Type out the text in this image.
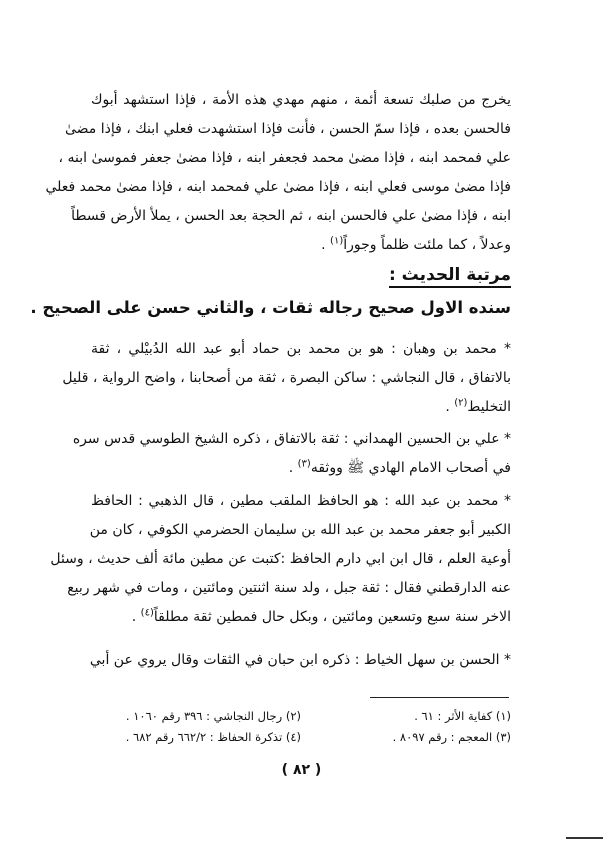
يخرج من صلبك تسعة أئمة ، منهم مهدي هذه الأمة ، فإذا استشهد أبوك
فالحسن بعده ، فإذا سمّ الحسن ، فأنت فإذا استشهدت فعلي ابنك ، فإذا مضىٰ
علي فمحمد ابنه ، فإذا مضىٰ محمد فجعفر ابنه ، فإذا مضىٰ جعفر فموسىٰ ابنه ،
فإذا مضىٰ موسى فعلي ابنه ، فإذا مضىٰ علي فمحمد ابنه ، فإذا مضىٰ محمد فعلي
ابنه ، فإذا مضىٰ علي فالحسن ابنه ، ثم الحجة بعد الحسن ، يملأ الأرض قسطاً
وعدلاً ، كما ملئت ظلماً وجوراً$^{(١)}$ .
مرتبة الحديث :
سنده الاول صحيح رجاله ثقات ، والثاني حسن على الصحيح .
* محمد بن وهبان : هو بن محمد بن حماد أبو عبد الله الدُبيْلي ، ثقة
بالاتفاق ، قال النجاشي : ساكن البصرة ، ثقة من أصحابنا ، واضح الرواية ، قليل
التخليط$^{(٢)}$ .
* علي بن الحسين الهمداني : ثقة بالاتفاق ، ذكره الشيخ الطوسي قدس سره
في أصحاب الامام الهادي ﷺ ووثقه$^{(٣)}$ .
* محمد بن عبد الله : هو الحافظ الملقب مطين ، قال الذهبي : الحافظ
الكبير أبو جعفر محمد بن عبد الله بن سليمان الحضرمي الكوفي ، كان من
أوعية العلم ، قال ابن ابي دارم الحافظ :كتبت عن مطين مائة ألف حديث ، وسئل
عنه الدارقطني فقال : ثقة جبل ، ولد سنة اثنتين ومائتين ، ومات في شهر ربيع
الاخر سنة سبع وتسعين ومائتين ، وبكل حال فمطين ثقة مطلقاً$^{(٤)}$ .
* الحسن بن سهل الخياط : ذكره ابن حبان في الثقات وقال يروي عن أبي
(١) كفاية الأثر : ٦١ .
(٢) رجال النجاشي : ٣٩٦ رقم ١٠٦٠ .
(٣) المعجم : رقم ٨٠٩٧ .
(٤) تذكرة الحفاظ : ٦٦٢/٢ رقم ٦٨٢ .
( ٨٢ )
